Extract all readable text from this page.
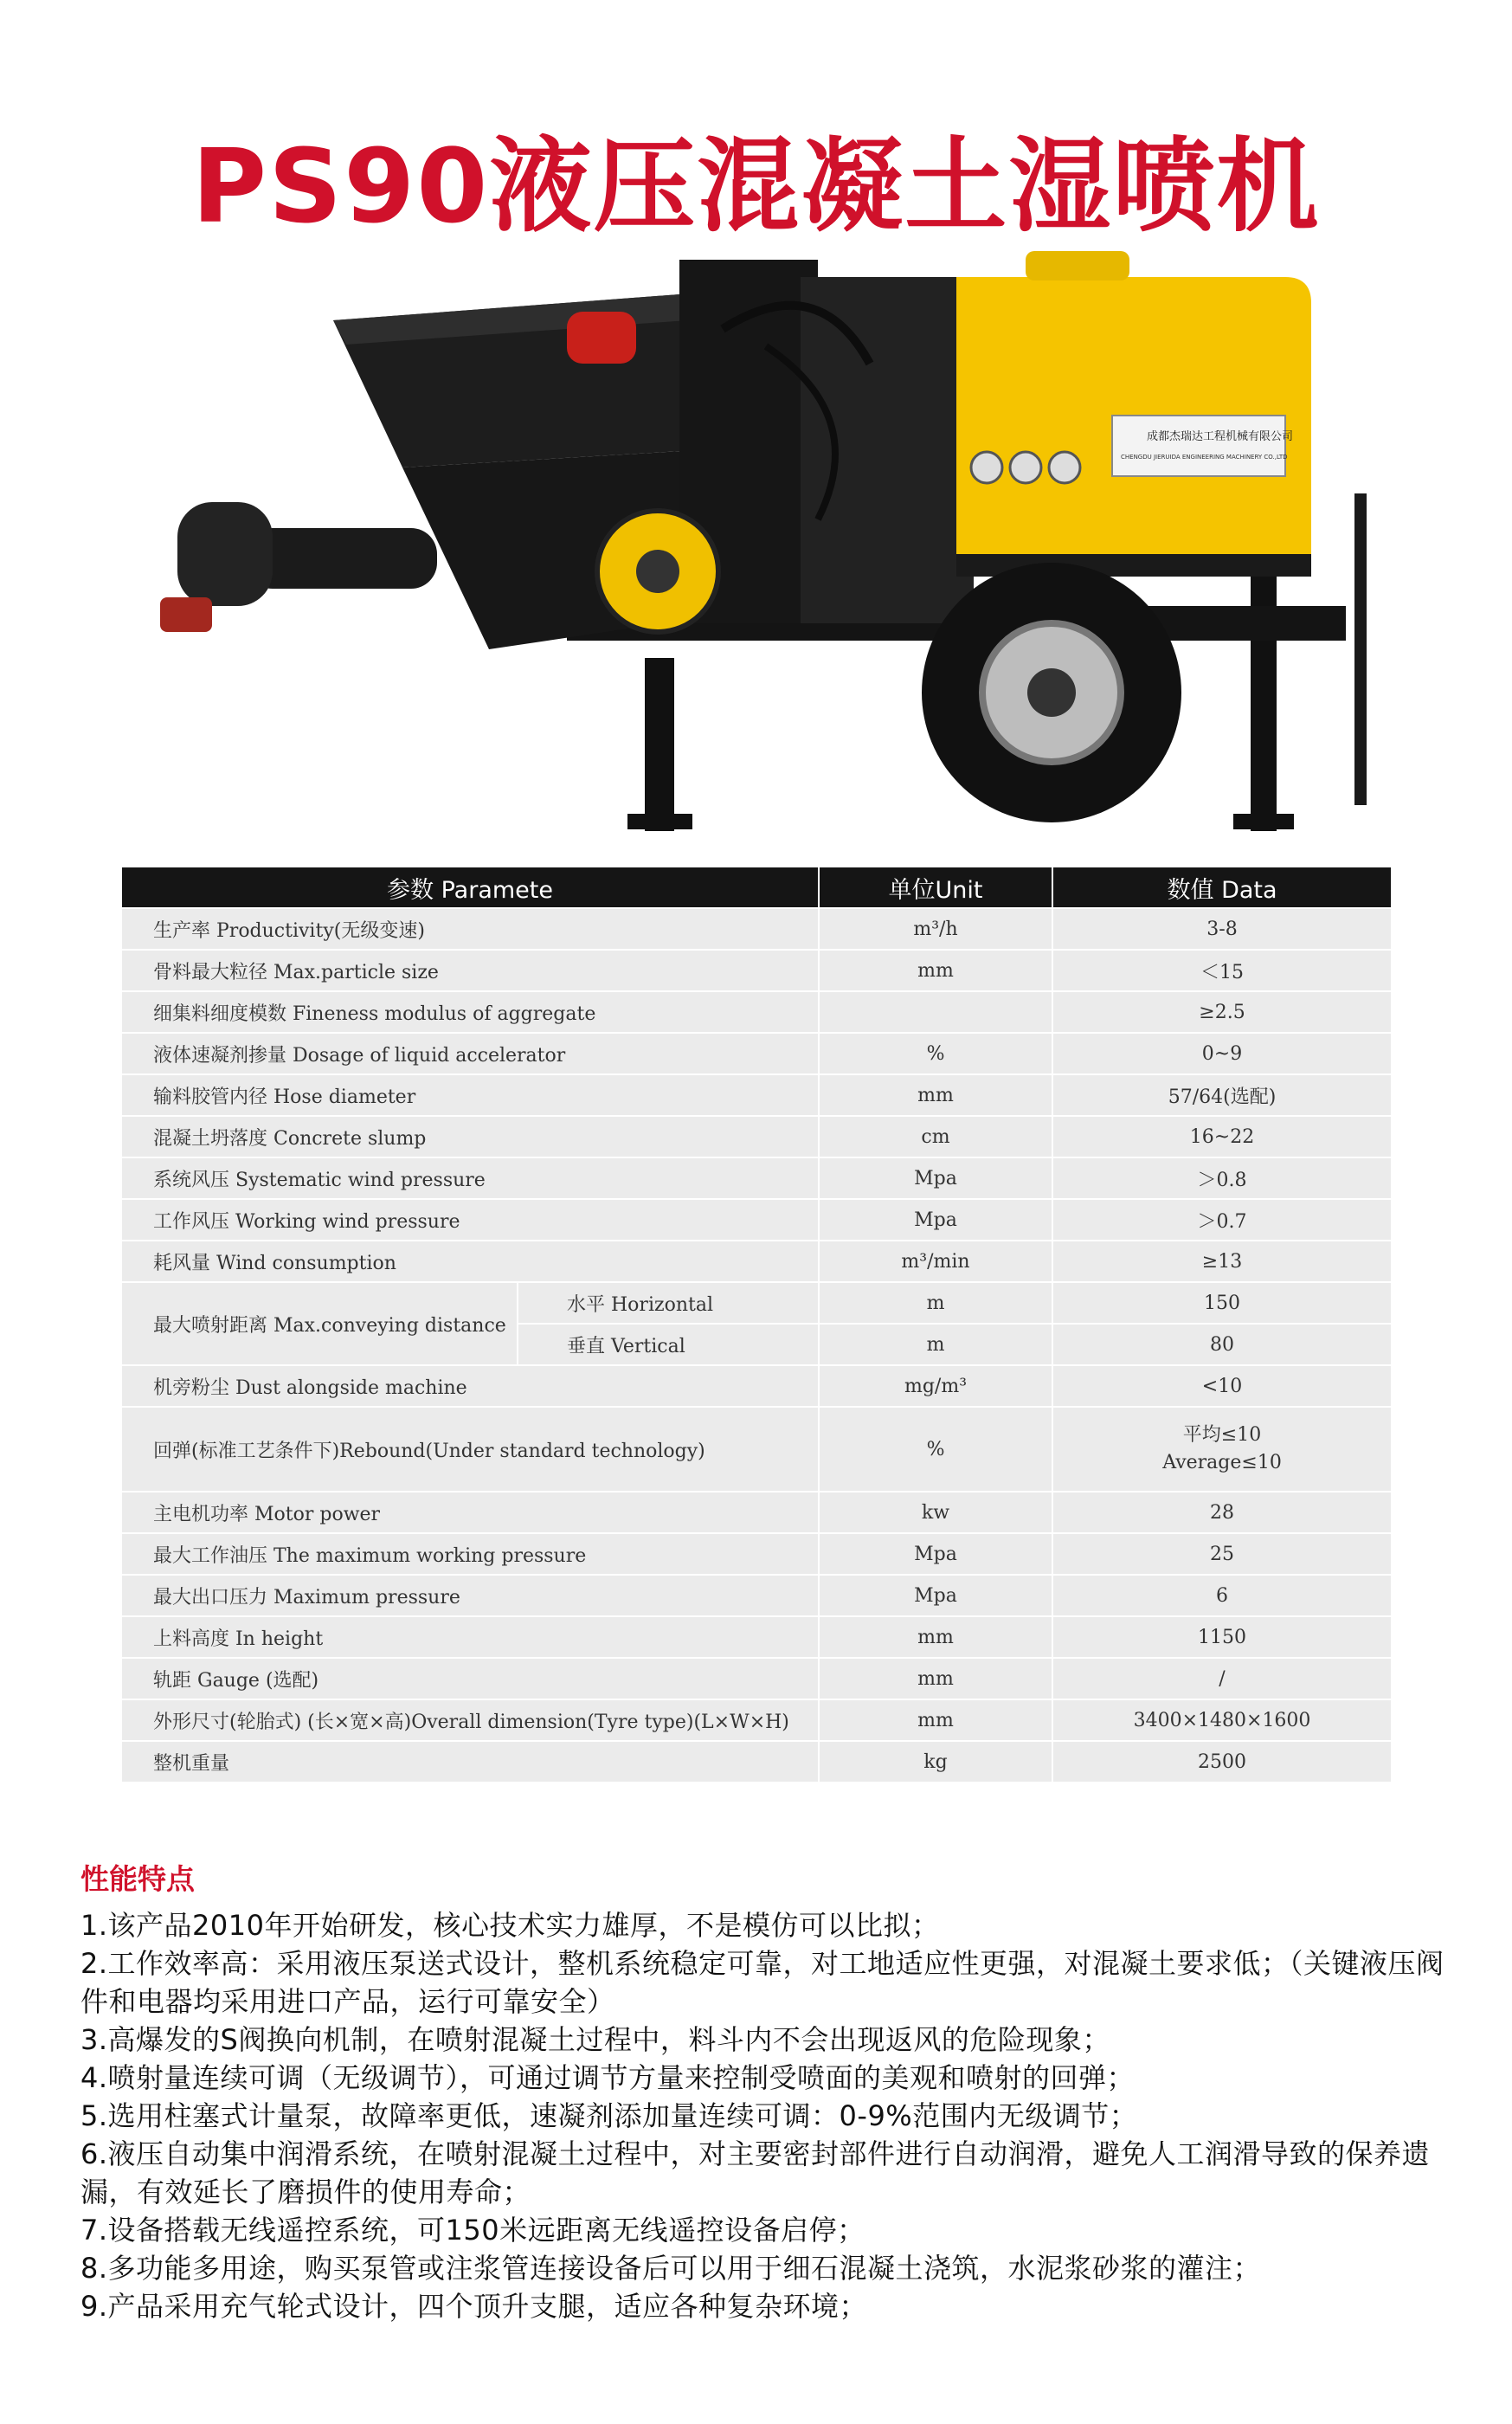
PS90液压混凝土湿喷机
成都杰瑞达工程机械有限公司
CHENGDU JIERUIDA ENGINEERING MACHINERY CO.,LTD
参数 Paramete		单位Unit	数值 Data
生产率 Productivity(无级变速)		m³/h	3-8
骨料最大粒径 Max.particle size		mm	＜15
细集料细度模数 Fineness modulus of aggregate			≥2.5
液体速凝剂掺量 Dosage of liquid accelerator		%	0~9
输料胶管内径 Hose diameter		mm	57/64(选配)
混凝土坍落度 Concrete slump		cm	16~22
系统风压 Systematic wind pressure		Mpa	＞0.8
工作风压 Working wind pressure		Mpa	＞0.7
耗风量 Wind consumption		m³/min	≥13
最大喷射距离 Max.conveying distance	水平 Horizontal	m	150
	垂直 Vertical	m	80
机旁粉尘 Dust alongside machine		mg/m³	<10
回弹(标准工艺条件下)Rebound(Under standard technology)		%	平均≤10
Average≤10

主电机功率 Motor power		kw	28
最大工作油压 The maximum working pressure		Mpa	25
最大出口压力 Maximum pressure		Mpa	6
上料高度 In height		mm	1150
轨距 Gauge (选配)		mm	/
外形尺寸(轮胎式) (长×宽×高)Overall dimension(Tyre type)(L×W×H)		mm	3400×1480×1600
整机重量		kg	2500
性能特点
1.该产品2010年开始研发，核心技术实力雄厚，不是模仿可以比拟；
2.工作效率高：采用液压泵送式设计，整机系统稳定可靠，对工地适应性更强，对混凝土要求低；（关键液压阀件和电器均采用进口产品，运行可靠安全）
3.高爆发的S阀换向机制，在喷射混凝土过程中，料斗内不会出现返风的危险现象；
4.喷射量连续可调（无级调节），可通过调节方量来控制受喷面的美观和喷射的回弹；
5.选用柱塞式计量泵，故障率更低，速凝剂添加量连续可调：0-9%范围内无级调节；
6.液压自动集中润滑系统，在喷射混凝土过程中，对主要密封部件进行自动润滑，避免人工润滑导致的保养遗漏，有效延长了磨损件的使用寿命；
7.设备搭载无线遥控系统，可150米远距离无线遥控设备启停；
8.多功能多用途，购买泵管或注浆管连接设备后可以用于细石混凝土浇筑，水泥浆砂浆的灌注；
9.产品采用充气轮式设计，四个顶升支腿，适应各种复杂环境；
